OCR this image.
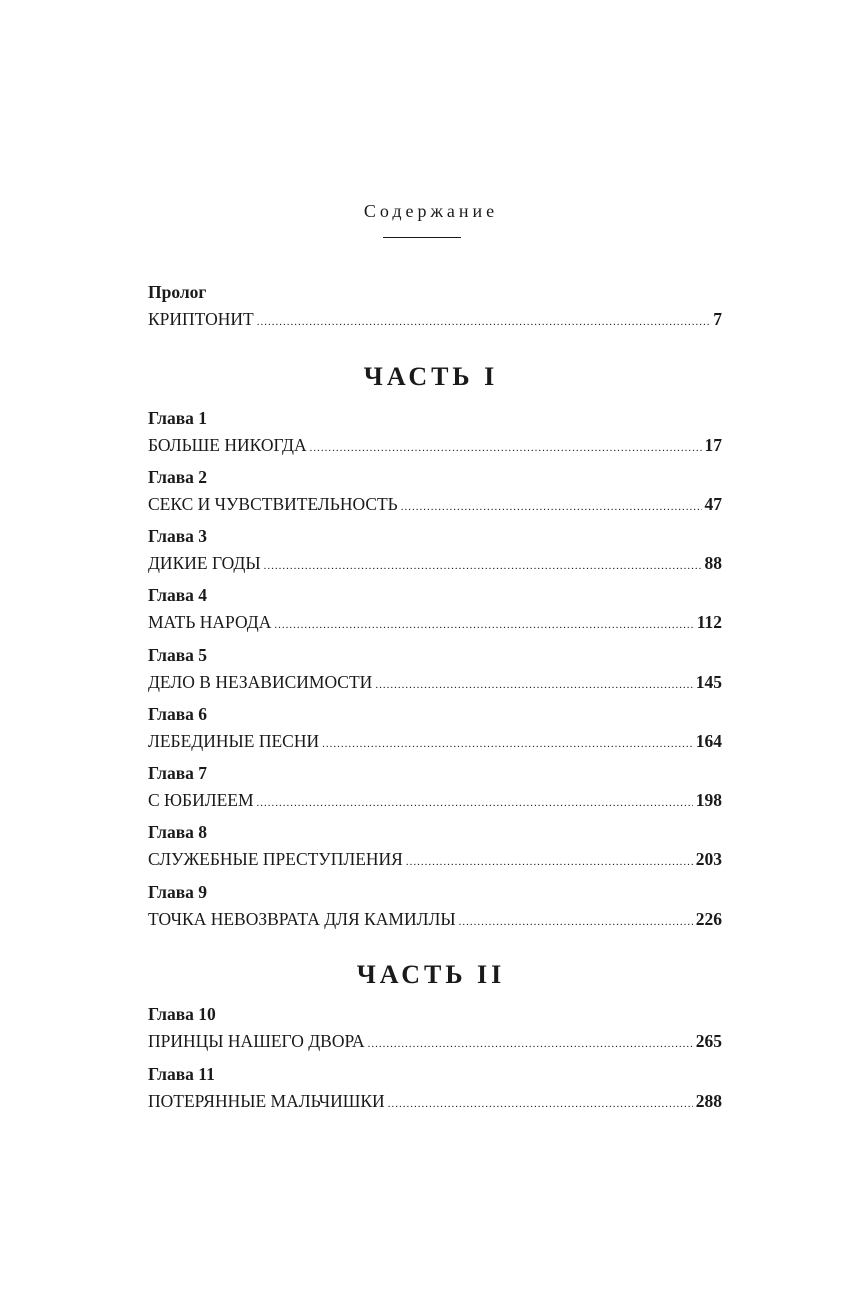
Содержание
Пролог
КРИПТОНИТ .....	7
ЧАСТЬ I
Глава 1
БОЛЬШЕ НИКОГДА .....	17
Глава 2
СЕКС И ЧУВСТВИТЕЛЬНОСТЬ .....	47
Глава 3
ДИКИЕ ГОДЫ .....	88
Глава 4
МАТЬ НАРОДА .....	112
Глава 5
ДЕЛО В НЕЗАВИСИМОСТИ .....	145
Глава 6
ЛЕБЕДИНЫЕ ПЕСНИ .....	164
Глава 7
С ЮБИЛЕЕМ .....	198
Глава 8
СЛУЖЕБНЫЕ ПРЕСТУПЛЕНИЯ .....	203
Глава 9
ТОЧКА НЕВОЗВРАТА ДЛЯ КАМИЛЛЫ .....	226
ЧАСТЬ II
Глава 10
ПРИНЦЫ НАШЕГО ДВОРА .....	265
Глава 11
ПОТЕРЯННЫЕ МАЛЬЧИШКИ .....	288
